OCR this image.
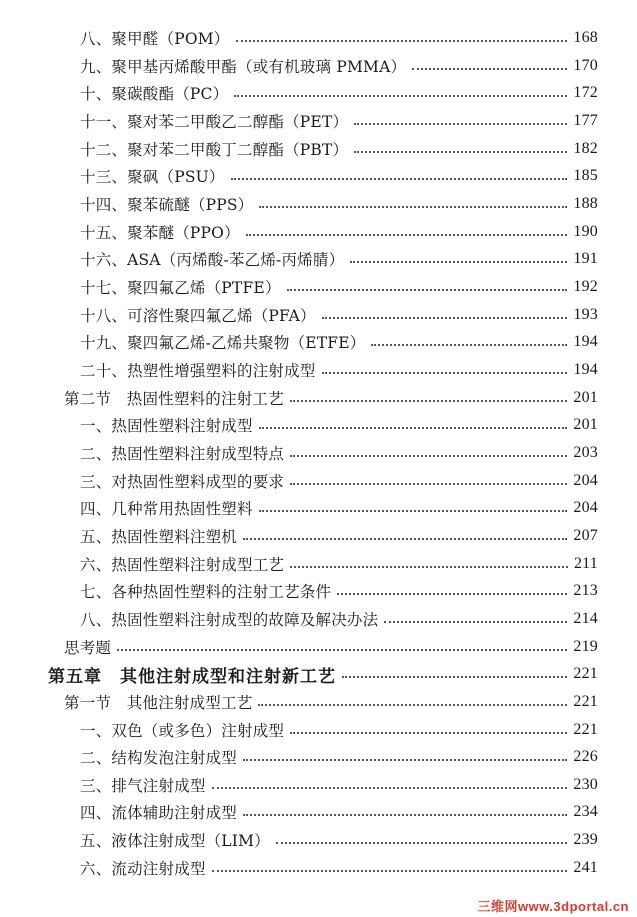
八、聚甲醛（POM）	168
九、聚甲基丙烯酸甲酯（或有机玻璃 PMMA）	170
十、聚碳酸酯（PC）	172
十一、聚对苯二甲酸乙二醇酯（PET）	177
十二、聚对苯二甲酸丁二醇酯（PBT）	182
十三、聚砜（PSU）	185
十四、聚苯硫醚（PPS）	188
十五、聚苯醚（PPO）	190
十六、ASA（丙烯酸-苯乙烯-丙烯腈）	191
十七、聚四氟乙烯（PTFE）	192
十八、可溶性聚四氟乙烯（PFA）	193
十九、聚四氟乙烯-乙烯共聚物（ETFE）	194
二十、热塑性增强塑料的注射成型	194
第二节　热固性塑料的注射工艺	201
一、热固性塑料注射成型	201
二、热固性塑料注射成型特点	203
三、对热固性塑料成型的要求	204
四、几种常用热固性塑料	204
五、热固性塑料注塑机	207
六、热固性塑料注射成型工艺	211
七、各种热固性塑料的注射工艺条件	213
八、热固性塑料注射成型的故障及解决办法	214
思考题	219
第五章　其他注射成型和注射新工艺	221
第一节　其他注射成型工艺	221
一、双色（或多色）注射成型	221
二、结构发泡注射成型	226
三、排气注射成型	230
四、流体辅助注射成型	234
五、液体注射成型（LIM）	239
六、流动注射成型	241
三维网www.3dportal.cn
